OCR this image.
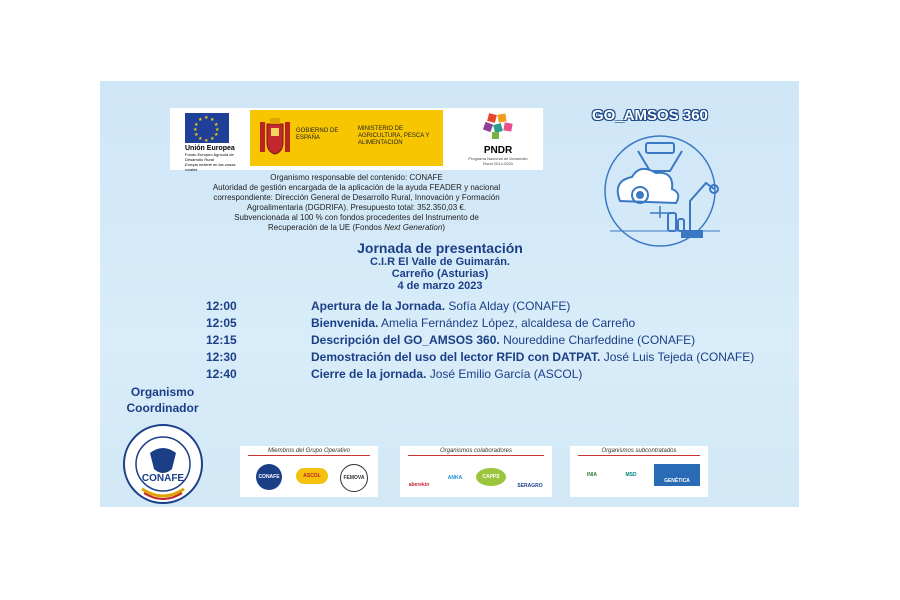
★ ★
★
★
★
★
★
★
★
★
★
★
Unión Europea
Fondo Europeo Agrícola de Desarrollo Rural
Europa invierte en las zonas rurales
GOBIERNO DE ESPAÑA
MINISTERIO DE AGRICULTURA, PESCA Y ALIMENTACIÓN
PNDR
Programa Nacional de Desarrollo Rural 2014-2020
Organismo responsable del contenido: CONAFE
Autoridad de gestión encargada de la aplicación de la ayuda FEADER y nacional
correspondiente: Dirección General de Desarrollo Rural, Innovación y Formación
Agroalimentaria (DGDRIFA). Presupuesto total: 352.350,03 €.
Subvencionada al 100 % con fondos procedentes del Instrumento de
Recuperación de la UE (Fondos Next Generation)
GO_AMSOS 360
Jornada de presentación
C.I.R El Valle de Guimarán.
Carreño (Asturias)
4 de marzo 2023
12:00	Apertura de la Jornada. Sofía Alday (CONAFE)
12:05	Bienvenida. Amelia Fernández López, alcaldesa de Carreño
12:15	Descripción del GO_AMSOS 360. Noureddine Charfeddine (CONAFE)
12:30	Demostración del uso del lector RFID con DATPAT. José Luis Tejeda (CONAFE)
12:40	Cierre de la jornada. José Emilio García (ASCOL)
Organismo
Coordinador
CONAFE
Miembros del Grupo Operativo
CONAFE	ASCOL	FEMOVA
Organismos colaboradores
aberekin
ANKA	CAPPS
SERAGRO
Organismos subcontratados
INIA	MSD
GENÉTICA FONTAO
